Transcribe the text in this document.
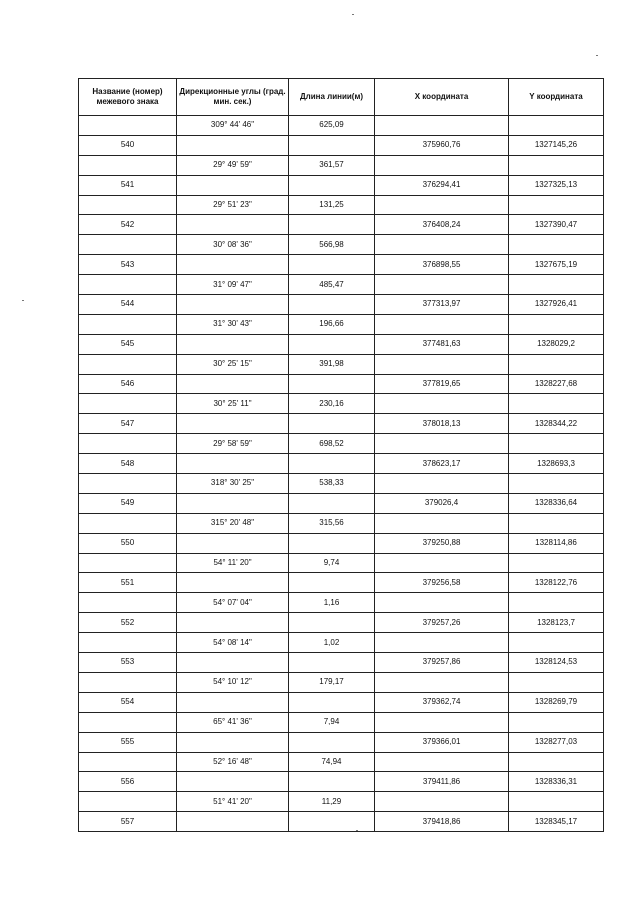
Название (номер) межевого знака	Дирекционные углы (град. мин. сек.)	Длина линии(м)	X координата	Y координата
	309° 44' 46"	625,09		
540			375960,76	1327145,26
	29° 49' 59"	361,57		
541			376294,41	1327325,13
	29° 51' 23"	131,25		
542			376408,24	1327390,47
	30° 08' 36"	566,98		
543			376898,55	1327675,19
	31° 09' 47"	485,47		
544			377313,97	1327926,41
	31° 30' 43"	196,66		
545			377481,63	1328029,2
	30° 25' 15"	391,98		
546			377819,65	1328227,68
	30° 25' 11"	230,16		
547			378018,13	1328344,22
	29° 58' 59"	698,52		
548			378623,17	1328693,3
	318° 30' 25"	538,33		
549			379026,4	1328336,64
	315° 20' 48"	315,56		
550			379250,88	1328114,86
	54° 11' 20"	9,74		
551			379256,58	1328122,76
	54° 07' 04"	1,16		
552			379257,26	1328123,7
	54° 08' 14"	1,02		
553			379257,86	1328124,53
	54° 10' 12"	179,17		
554			379362,74	1328269,79
	65° 41' 36"	7,94		
555			379366,01	1328277,03
	52° 16' 48"	74,94		
556			379411,86	1328336,31
	51° 41' 20"	11,29		
557			379418,86	1328345,17
